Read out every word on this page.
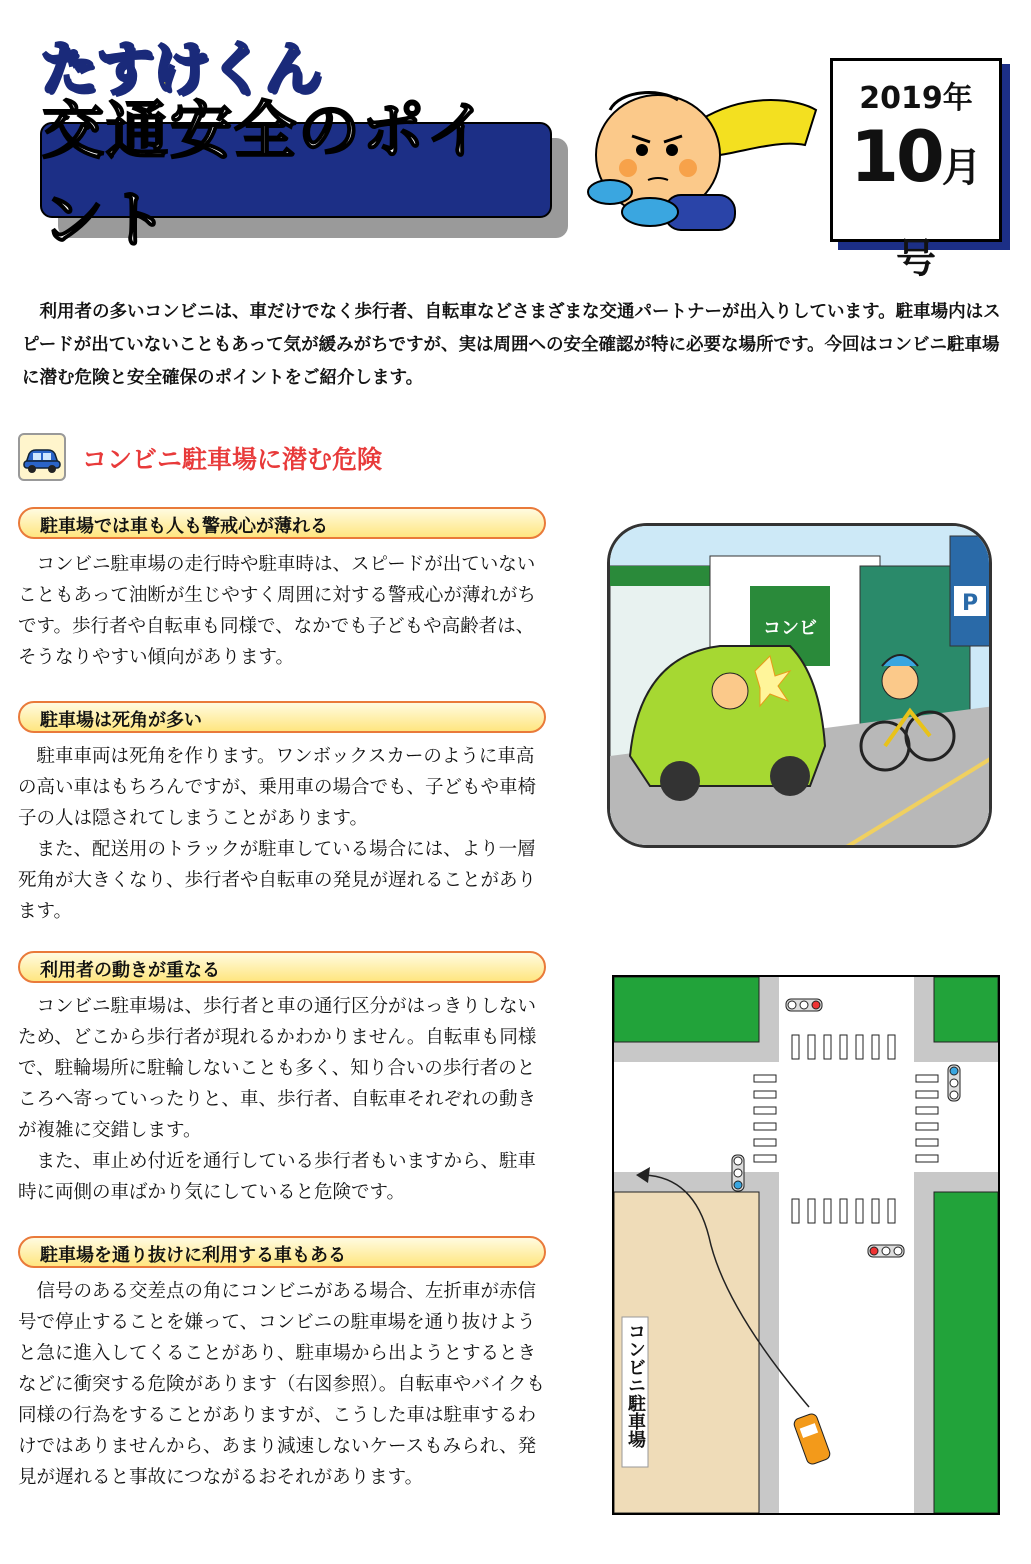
たすけくん
交通安全のポイント
2019年
10月号
利用者の多いコンビニは、車だけでなく歩行者、自転車などさまざまな交通パートナーが出入りしています。駐車場内はスピードが出ていないこともあって気が緩みがちですが、実は周囲への安全確認が特に必要な場所です。今回はコンビニ駐車場に潜む危険と安全確保のポイントをご紹介します。
コンビニ駐車場に潜む危険
駐車場では車も人も警戒心が薄れる

コンビニ駐車場の走行時や駐車時は、スピードが出ていないこともあって油断が生じやすく周囲に対する警戒心が薄れがちです。歩行者や自転車も同様で、なかでも子どもや高齢者は、そうなりやすい傾向があります。

駐車場は死角が多い

駐車車両は死角を作ります。ワンボックスカーのように車高の高い車はもちろんですが、乗用車の場合でも、子どもや車椅子の人は隠されてしまうことがあります。

また、配送用のトラックが駐車している場合には、より一層死角が大きくなり、歩行者や自転車の発見が遅れることがあります。

利用者の動きが重なる

コンビニ駐車場は、歩行者と車の通行区分がはっきりしないため、どこから歩行者が現れるかわかりません。自転車も同様で、駐輪場所に駐輪しないことも多く、知り合いの歩行者のところへ寄っていったりと、車、歩行者、自転車それぞれの動きが複雑に交錯します。

また、車止め付近を通行している歩行者もいますから、駐車時に両側の車ばかり気にしていると危険です。

駐車場を通り抜けに利用する車もある

信号のある交差点の角にコンビニがある場合、左折車が赤信号で停止することを嫌って、コンビニの駐車場を通り抜けようと急に進入してくることがあり、駐車場から出ようとするときなどに衝突する危険があります（右図参照）。自転車やバイクも同様の行為をすることがありますが、こうした車は駐車するわけではありませんから、あまり減速しないケースもみられ、発見が遅れると事故につながるおそれがあります。

コンビ
P
コンビニ駐車場
